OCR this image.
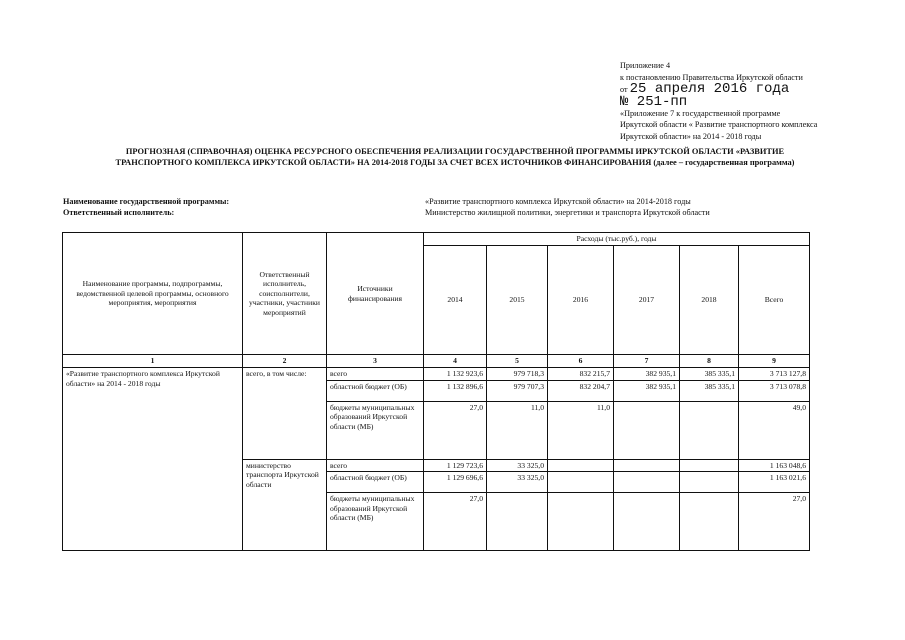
Приложение 4
к постановлению Правительства Иркутской области
от 25 апреля 2016 года
№ 251-пп
«Приложение 7 к государственной программе
Иркутской области « Развитие транспортного комплекса
Иркутской области» на 2014 - 2018 годы
ПРОГНОЗНАЯ (СПРАВОЧНАЯ) ОЦЕНКА РЕСУРСНОГО ОБЕСПЕЧЕНИЯ РЕАЛИЗАЦИИ ГОСУДАРСТВЕННОЙ ПРОГРАММЫ ИРКУТСКОЙ ОБЛАСТИ «РАЗВИТИЕ
ТРАНСПОРТНОГО КОМПЛЕКСА ИРКУТСКОЙ ОБЛАСТИ» НА 2014-2018 ГОДЫ ЗА СЧЕТ ВСЕХ ИСТОЧНИКОВ ФИНАНСИРОВАНИЯ (далее – государственная программа)
Наименование государственной программы:	«Развитие транспортного комплекса Иркутской области» на 2014-2018 годы
Ответственный исполнитель:	Министерство жилищной политики, энергетики и транспорта Иркутской области
Наименование программы, подпрограммы, ведомственной целевой программы, основного мероприятия, мероприятия	Ответственный исполнитель, соисполнители, участники, участники мероприятий	Источники финансирования	Расходы (тыс.руб.), годы					
			2014	2015	2016	2017	2018	Всего
1	2	3	4	5	6	7	8	9
«Развитие транспортного комплекса Иркутской области» на 2014 - 2018 годы	всего, в том числе:	всего	1 132 923,6	979 718,3	832 215,7	382 935,1	385 335,1	3 713 127,8
		областной бюджет (ОБ)	1 132 896,6	979 707,3	832 204,7	382 935,1	385 335,1	3 713 078,8
		бюджеты муниципальных образований Иркутской области (МБ)	27,0	11,0	11,0			49,0
	министерство транспорта Иркутской области	всего	1 129 723,6	33 325,0				1 163 048,6
		областной бюджет (ОБ)	1 129 696,6	33 325,0				1 163 021,6
		бюджеты муниципальных образований Иркутской области (МБ)	27,0					27,0
